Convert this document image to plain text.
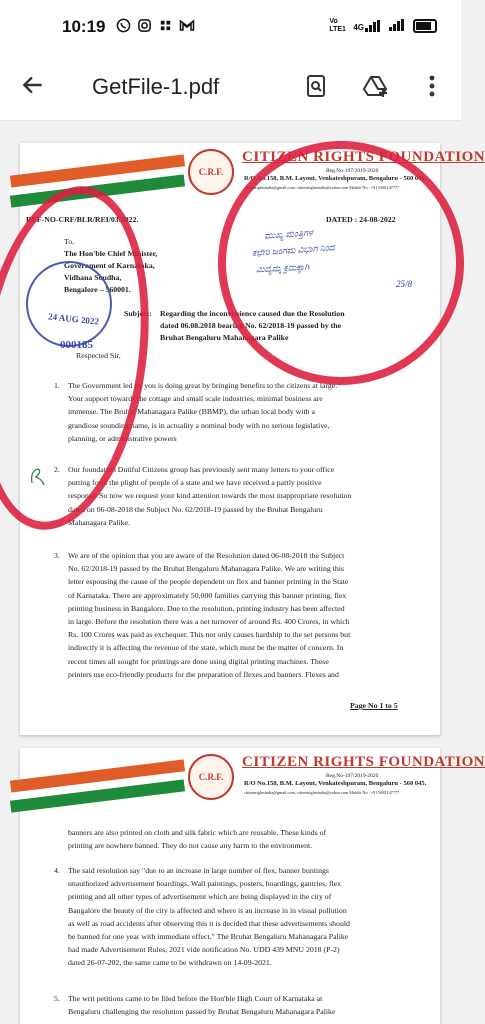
10:19	Vo LTE1 4G
GetFile-1.pdf
C.R.F.
CITIZEN RIGHTS FOUNDATION
Reg.No-197/2019-2020
R/O No.158, B.M. Layout, Venkateshpuram, Bengaluru - 560 045.
citizenrightsindia@gmail.com, citizenrightsindia@yahoo.com Mobile No : +91 9481147777
REF-NO-CRF/BLR/REI/03/2022.	DATED : 24-08-2022
To,
The Hon'ble Chief Minister,
Government of Karnataka,
Vidhana Soudha,
Bengalore – 560001.
Subject: Regarding the inconvenience caused due the Resolution
dated 06.08.2018 bearing No. 62/2018-19 passed by the
Bruhat Bengaluru Mahanagara Palike
Respected Sir,
1. The Government led by you is doing great by bringing benefits to the citizens at large.
Your support towards the cottage and small scale industries, minimal business are
immense. The Bruhat Mahanagara Palike (BBMP), the urban local body with a
grandiose sounding name, is in actuality a nominal body with no serious legislative,
planning, or administrative powers
2. Our foundation Dutiful Citizens group has previously sent many letters to your office
putting forth the plight of people of a state and we have received a partly positive
response. So now we request your kind attention towards the most inappropriate resolution
dated on 06-08-2018 the Subject No. 62/2018-19 passed by the Bruhat Bengaluru
Mahanagara Palike.
3. We are of the opinion that you are aware of the Resolution dated 06-08-2018 the Subject
No. 62/2018-19 passed by the Bruhat Bengaluru Mahanagara Palike. We are writing this
letter espousing the cause of the people dependent on flex and banner printing in the State
of Karnataka. There are approximately 50,000 families carrying this banner printing, flex
printing business in Bangalore. Due to the resolution, printing industry has been affected
in large. Before the resolution there was a net turnover of around Rs. 400 Crores, in which
Rs. 100 Crores was paid as exchequer. This not only causes hardship to the set persons but
indirectly it is affecting the revenue of the state, which must be the matter of concern. In
recent times all sought for printings are done using digital printing machines. These
printers use eco-friendly products for the preparation of flexes and banners. Flexes and
Page No 1 to 5
24 AUG 2022
000185
ಮುಖ್ಯ ಮಂತ್ರಿಗಳ
ಕಛೇರಿ ಜಂಗಮ ವಿಭಾಗ ನಿಂದ
ಮಿದ್ಯಮ್ಕ ಕ್ರಮಕ್ಕಾಗಿ
25/8
C.R.F.
CITIZEN RIGHTS FOUNDATION
Reg.No-197/2019-2020
R/O No.158, B.M. Layout, Venkateshpuram, Bengaluru - 560 045.
citizenrightsindia@gmail.com, citizenrightsindia@yahoo.com Mobile No : +91 9481147777
banners are also printed on cloth and silk fabric which are reusable. These kinds of
printing are nowhere banned. They do not cause any harm to the environment.
4. The said resolution say "due to an increase in large number of flex, banner buntings
unauthorized advertisement hoardings, Wall paintings, posters, hoardings, gantries, flex
printing and all other types of advertisement which are being displayed in the city of
Bangalore the beauty of the city is affected and where is an increase in in visual pollution
as well as road accidents after observing this it is decided that these advertisements should
be banned for one year with immediate effect." The Bruhat Bengaluru Mahanagara Palike
had made Advertisement Rules, 2021 vide notification No. UDD 439 MNU 2018 (P-2)
dated 26-07-202, the same came to be withdrawn on 14-09-2021.
5. The writ petitions came to be filed before the Hon'ble High Court of Karnataka at
Bengaluru challenging the resolution passed by Bruhat Bengaluru Mahanagara Palike
